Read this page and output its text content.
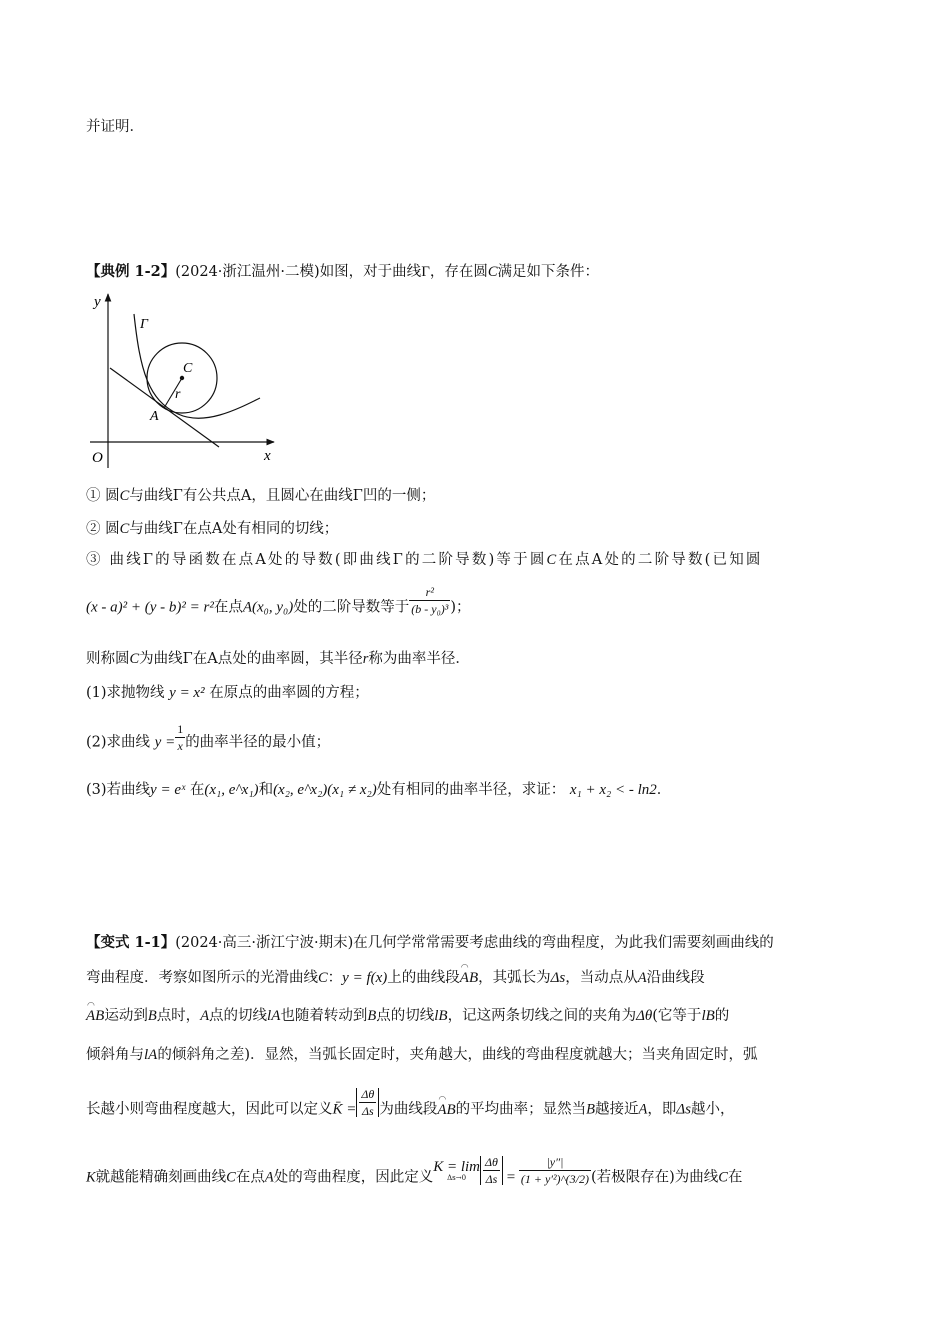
并证明．
【典例 1-2】(2024·浙江温州·二模)如图，对于曲线Γ，存在圆C满足如下条件：
y
x
O
Γ
C
r
A
① 圆C与曲线Γ有公共点A，且圆心在曲线Γ凹的一侧；
② 圆C与曲线Γ在点A处有相同的切线；
③ 曲线Γ的导函数在点A处的导数(即曲线Γ的二阶导数)等于圆C在点A处的二阶导数(已知圆
(x - a)² + (y - b)² = r²在点A(x₀, y₀)处的二阶导数等于 $\frac{\text{r²}}{\text{(b - y₀)³}}$ )；
则称圆C为曲线Γ在A点处的曲率圆，其半径r称为曲率半径．
(1)求抛物线 y = x² 在原点的曲率圆的方程；
(2)求曲线 $y = \frac{1}{x}$ 的曲率半径的最小值；
(3)若曲线y = eˣ 在(x₁, e^x₁)和(x₂, e^x₂)(x₁ ≠ x₂)处有相同的曲率半径，求证： x₁ + x₂ < - ln2．
【变式 1-1】(2024·高三·浙江宁波·期末)在几何学常常需要考虑曲线的弯曲程度，为此我们需要刻画曲线的
弯曲程度．考察如图所示的光滑曲线C：y = f(x)上的曲线段◠ AB，其弧长为Δs，当动点从A沿曲线段
◠ AB运动到B点时，A点的切线lA也随着转动到B点的切线lB，记这两条切线之间的夹角为Δθ(它等于lB的
倾斜角与lA的倾斜角之差)．显然，当弧长固定时，夹角越大，曲线的弯曲程度就越大；当夹角固定时，弧
长越小则弯曲程度越大，因此可以定义K̄ = $\frac{\Delta\theta}{\Delta s}$ 为曲线段◠ AB的平均曲率；显然当B越接近A，即Δs越小，
K就越能精确刻画曲线C在点A处的弯曲程度，因此定义K = lim
Δs→0	$\frac{\Delta\theta}{\Delta s} = \frac{|y''|}{\text{(1 + y′²)\textasciicircum{}(3/2)}}$ (若极限存在)为曲线C在
